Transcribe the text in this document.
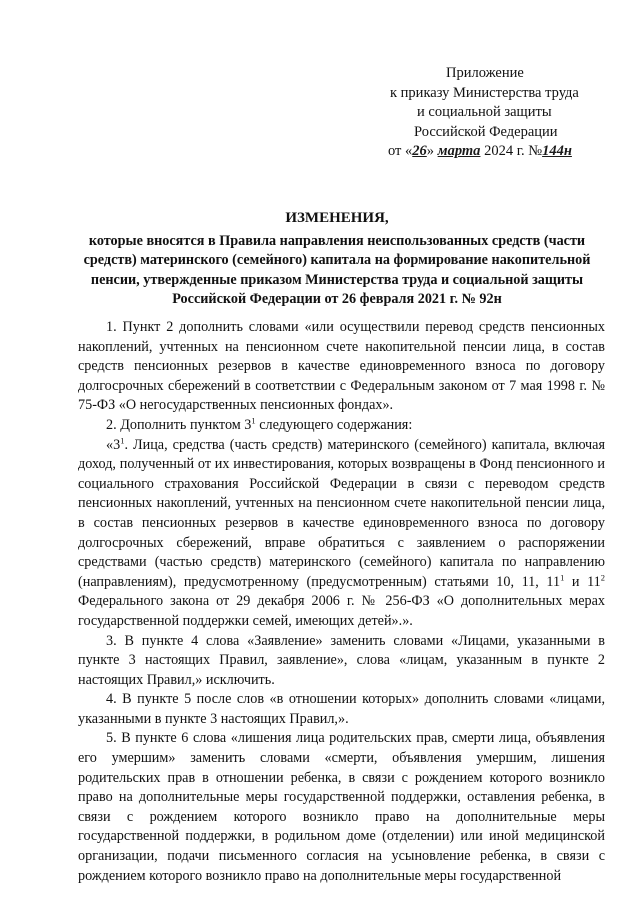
Приложение
к приказу Министерства труда
и социальной защиты
Российской Федерации
от «26» марта 2024 г. №144н
ИЗМЕНЕНИЯ,
которые вносятся в Правила направления неиспользованных средств (части средств) материнского (семейного) капитала на формирование накопительной пенсии, утвержденные приказом Министерства труда и социальной защиты Российской Федерации от 26 февраля 2021 г. № 92н

1. Пункт 2 дополнить словами «или осуществили перевод средств пенсионных накоплений, учтенных на пенсионном счете накопительной пенсии лица, в состав средств пенсионных резервов в качестве единовременного взноса по договору долгосрочных сбережений в соответствии с Федеральным законом от 7 мая 1998 г. № 75-ФЗ «О негосударственных пенсионных фондах».

2. Дополнить пунктом $3^1$ следующего содержания:

«$3^1$. Лица, средства (часть средств) материнского (семейного) капитала, включая доход, полученный от их инвестирования, которых возвращены в Фонд пенсионного и социального страхования Российской Федерации в связи с переводом средств пенсионных накоплений, учтенных на пенсионном счете накопительной пенсии лица, в состав пенсионных резервов в качестве единовременного взноса по договору долгосрочных сбережений, вправе обратиться с заявлением о распоряжении средствами (частью средств) материнского (семейного) капитала по направлению (направлениям), предусмотренному (предусмотренным) статьями 10, 11, $11^1$ и $11^2$ Федерального закона от 29 декабря 2006 г. № 256-ФЗ «О дополнительных мерах государственной поддержки семей, имеющих детей».».

3. В пункте 4 слова «Заявление» заменить словами «Лицами, указанными в пункте 3 настоящих Правил, заявление», слова «лицам, указанным в пункте 2 настоящих Правил,» исключить.

4. В пункте 5 после слов «в отношении которых» дополнить словами «лицами, указанными в пункте 3 настоящих Правил,».

5. В пункте 6 слова «лишения лица родительских прав, смерти лица, объявления его умершим» заменить словами «смерти, объявления умершим, лишения родительских прав в отношении ребенка, в связи с рождением которого возникло право на дополнительные меры государственной поддержки, оставления ребенка, в связи с рождением которого возникло право на дополнительные меры государственной поддержки, в родильном доме (отделении) или иной медицинской организации, подачи письменного согласия на усыновление ребенка, в связи с рождением которого возникло право на дополнительные меры государственной
